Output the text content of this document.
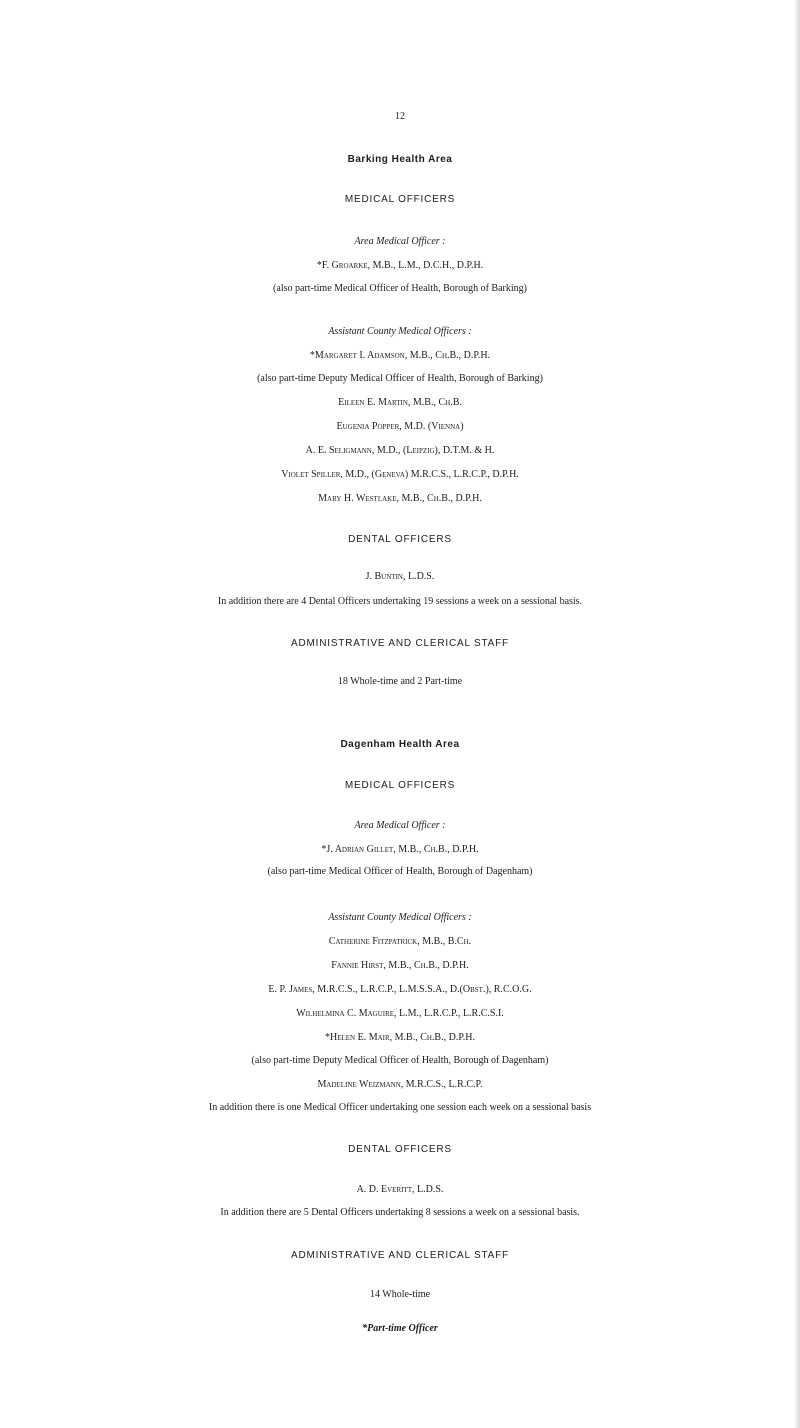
12
Barking Health Area
MEDICAL OFFICERS
Area Medical Officer :
*F. Groarke, M.B., L.M., D.C.H., D.P.H.
(also part-time Medical Officer of Health, Borough of Barking)
Assistant County Medical Officers :
*Margaret I. Adamson, M.B., Ch.B., D.P.H.
(also part-time Deputy Medical Officer of Health, Borough of Barking)
Eileen E. Martin, M.B., Ch.B.
Eugenia Popper, M.D. (Vienna)
A. E. Seligmann, M.D., (Leipzig), D.T.M. & H.
Violet Spiller, M.D., (Geneva) M.R.C.S., L.R.C.P., D.P.H.
Mary H. Westlake, M.B., Ch.B., D.P.H.
DENTAL OFFICERS
J. Buntin, L.D.S.
In addition there are 4 Dental Officers undertaking 19 sessions a week on a sessional basis.
ADMINISTRATIVE AND CLERICAL STAFF
18 Whole-time and 2 Part-time
Dagenham Health Area
MEDICAL OFFICERS
Area Medical Officer :
*J. Adrian Gillet, M.B., Ch.B., D.P.H.
(also part-time Medical Officer of Health, Borough of Dagenham)
Assistant County Medical Officers :
Catherine Fitzpatrick, M.B., B.Ch.
Fannie Hirst, M.B., Ch.B., D.P.H.
E. P. James, M.R.C.S., L.R.C.P., L.M.S.S.A., D.(Obst.), R.C.O.G.
Wilhelmina C. Maguire, L.M., L.R.C.P., L.R.C.S.I.
*Helen E. Mair, M.B., Ch.B., D.P.H.
(also part-time Deputy Medical Officer of Health, Borough of Dagenham)
Madeline Weizmann, M.R.C.S., L.R.C.P.
In addition there is one Medical Officer undertaking one session each week on a sessional basis
DENTAL OFFICERS
A. D. Everitt, L.D.S.
In addition there are 5 Dental Officers undertaking 8 sessions a week on a sessional basis.
ADMINISTRATIVE AND CLERICAL STAFF
14 Whole-time
*Part-time Officer
